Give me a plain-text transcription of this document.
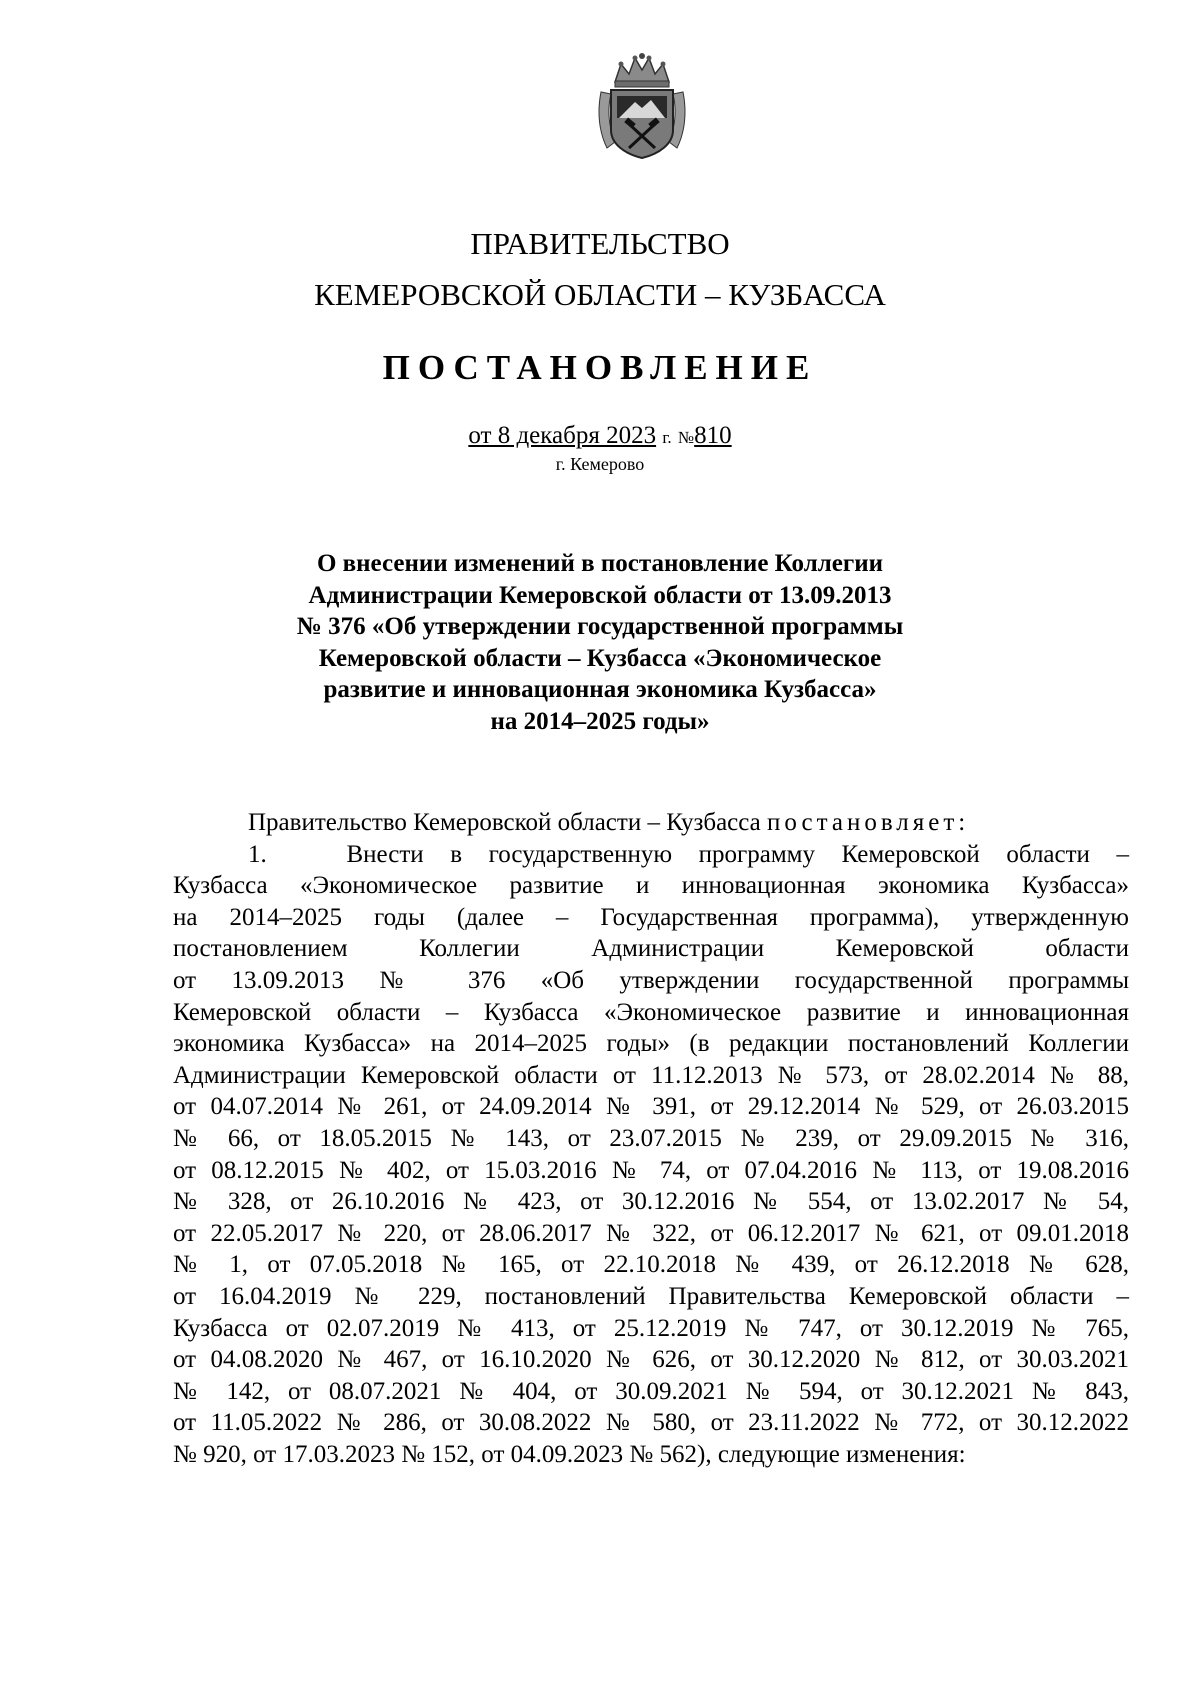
ПРАВИТЕЛЬСТВО
КЕМЕРОВСКОЙ ОБЛАСТИ – КУЗБАССА
ПОСТАНОВЛЕНИЕ
от 8 декабря 2023 г. №810
г. Кемерово
О внесении изменений в постановление Коллегии
Администрации Кемеровской области от 13.09.2013
№ 376 «Об утверждении государственной программы
Кемеровской области – Кузбасса «Экономическое
развитие и инновационная экономика Кузбасса»
на 2014–2025 годы»
Правительство Кемеровской области – Кузбасса постановляет:
1.	Внести в государственную программу Кемеровской области –
Кузбасса «Экономическое развитие и инновационная экономика Кузбасса»
на 2014–2025 годы (далее – Государственная программа), утвержденную
постановлением Коллегии Администрации Кемеровской области
от 13.09.2013 № 376 «Об утверждении государственной программы
Кемеровской области – Кузбасса «Экономическое развитие и инновационная
экономика Кузбасса» на 2014–2025 годы» (в редакции постановлений Коллегии
Администрации Кемеровской области от 11.12.2013 № 573, от 28.02.2014 № 88,
от 04.07.2014 № 261, от 24.09.2014 № 391, от 29.12.2014 № 529, от 26.03.2015
№ 66, от 18.05.2015 № 143, от 23.07.2015 № 239, от 29.09.2015 № 316,
от 08.12.2015 № 402, от 15.03.2016 № 74, от 07.04.2016 № 113, от 19.08.2016
№ 328, от 26.10.2016 № 423, от 30.12.2016 № 554, от 13.02.2017 № 54,
от 22.05.2017 № 220, от 28.06.2017 № 322, от 06.12.2017 № 621, от 09.01.2018
№ 1, от 07.05.2018 № 165, от 22.10.2018 № 439, от 26.12.2018 № 628,
от 16.04.2019 № 229, постановлений Правительства Кемеровской области –
Кузбасса от 02.07.2019 № 413, от 25.12.2019 № 747, от 30.12.2019 № 765,
от 04.08.2020 № 467, от 16.10.2020 № 626, от 30.12.2020 № 812, от 30.03.2021
№ 142, от 08.07.2021 № 404, от 30.09.2021 № 594, от 30.12.2021 № 843,
от 11.05.2022 № 286, от 30.08.2022 № 580, от 23.11.2022 № 772, от 30.12.2022
№ 920, от 17.03.2023 № 152, от 04.09.2023 № 562), следующие изменения:
